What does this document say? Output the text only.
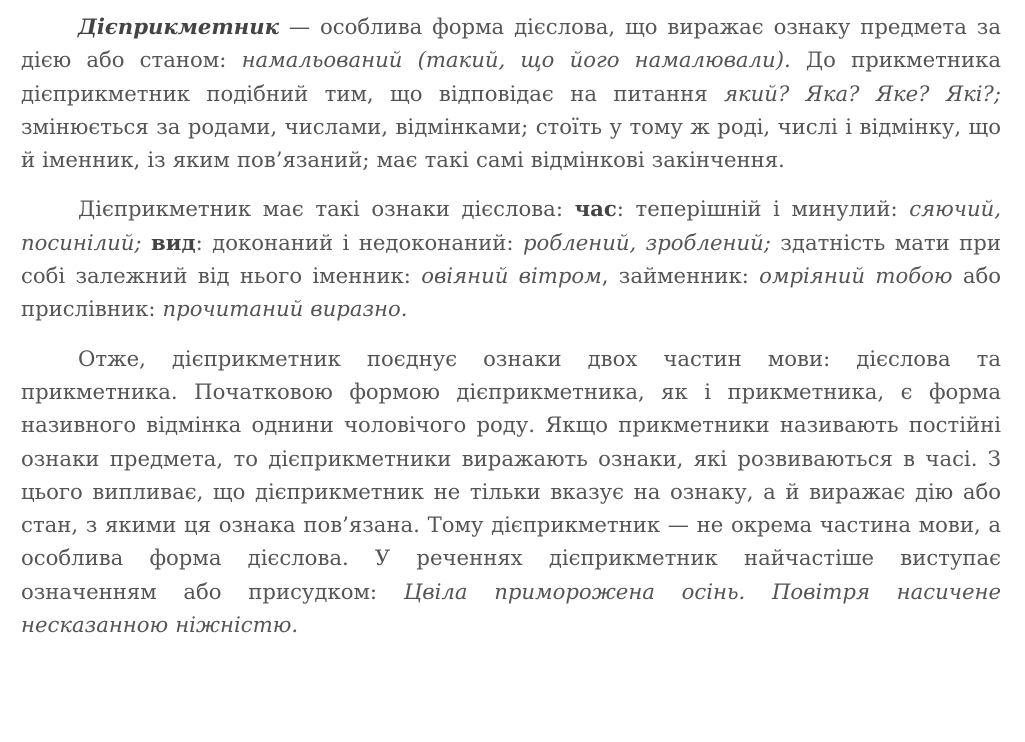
Дієприкметник — особлива форма дієслова, що виражає ознаку предмета за дією або станом: намальований (такий, що його намалювали). До прикметника дієприкметник подібний тим, що відповідає на питання який? Яка? Яке? Які?; змінюється за родами, числами, відмінками; стоїть у тому ж роді, числі і відмінку, що й іменник, із яким пов’язаний; має такі самі відмінкові закінчення.

Дієприкметник має такі ознаки дієслова: час: теперішній і минулий: сяючий, посинілий; вид: доконаний і недоконаний: роблений, зроблений; здатність мати при собі залежний від нього іменник: овіяний вітром, займенник: омріяний тобою або прислівник: прочитаний виразно.

Отже, дієприкметник поєднує ознаки двох частин мови: дієслова та прикметника. Початковою формою дієприкметника, як і прикметника, є форма називного відмінка однини чоловічого роду. Якщо прикметники називають постійні ознаки предмета, то дієприкметники виражають ознаки, які розвиваються в часі. З цього випливає, що дієприкметник не тільки вказує на ознаку, а й виражає дію або стан, з якими ця ознака пов’язана. Тому дієприкметник — не окрема частина мови, а особлива форма дієслова. У реченнях дієприкметник найчастіше виступає означенням або присудком: Цвіла приморожена осінь. Повітря насичене несказанною ніжністю.
